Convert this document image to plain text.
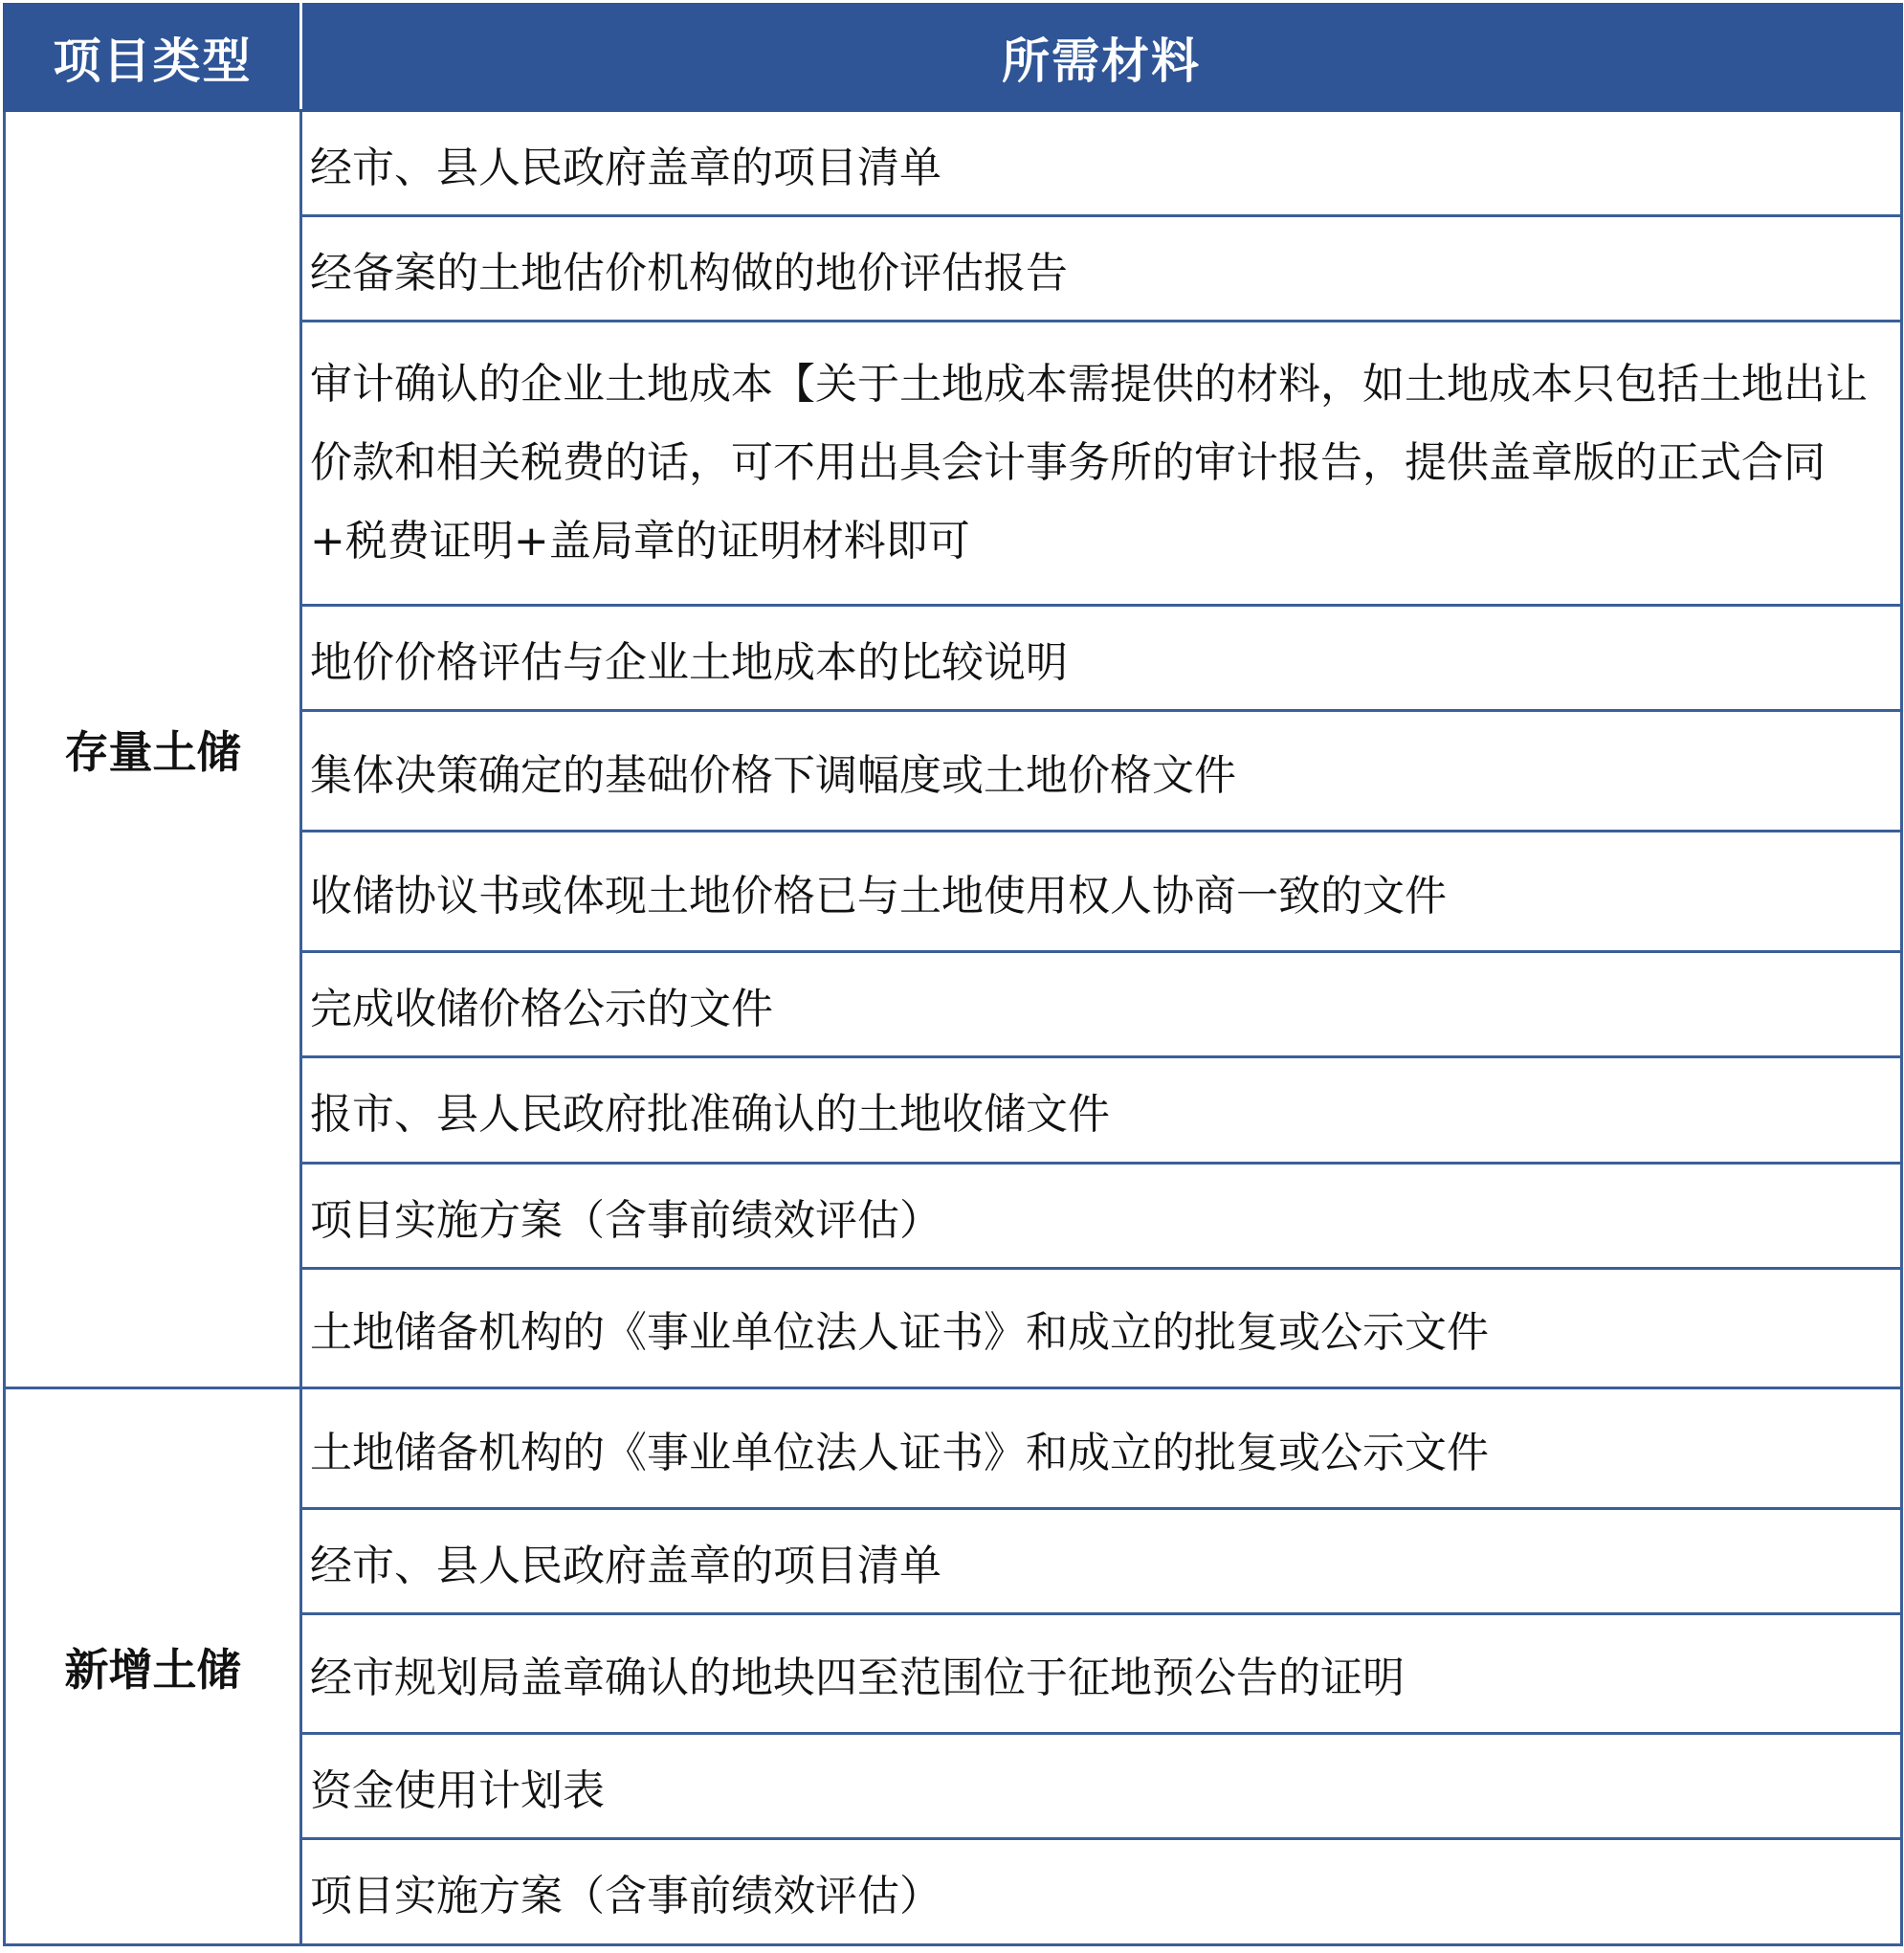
项目类型	所需材料
存量土储	经市、县人民政府盖章的项目清单
	经备案的土地估价机构做的地价评估报告
	审计确认的企业土地成本【关于土地成本需提供的材料，如土地成本只包括土地出让价款和相关税费的话，可不用出具会计事务所的审计报告，提供盖章版的正式合同+税费证明+盖局章的证明材料即可
	地价价格评估与企业土地成本的比较说明
	集体决策确定的基础价格下调幅度或土地价格文件
	收储协议书或体现土地价格已与土地使用权人协商一致的文件
	完成收储价格公示的文件
	报市、县人民政府批准确认的土地收储文件
	项目实施方案（含事前绩效评估）
	土地储备机构的《事业单位法人证书》和成立的批复或公示文件
新增土储	土地储备机构的《事业单位法人证书》和成立的批复或公示文件
	经市、县人民政府盖章的项目清单
	经市规划局盖章确认的地块四至范围位于征地预公告的证明
	资金使用计划表
	项目实施方案（含事前绩效评估）
